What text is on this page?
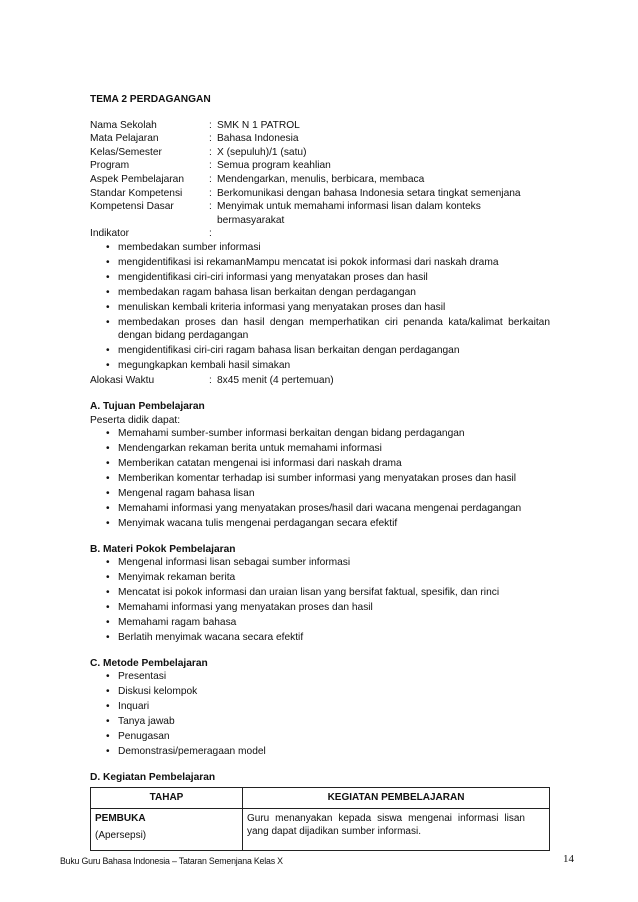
TEMA 2 PERDAGANGAN
Nama Sekolah	: SMK N 1 PATROL
Mata Pelajaran	: Bahasa Indonesia
Kelas/Semester	: X (sepuluh)/1 (satu)
Program	: Semua program keahlian
Aspek Pembelajaran	: Mendengarkan, menulis, berbicara, membaca
Standar Kompetensi	: Berkomunikasi dengan bahasa Indonesia setara tingkat semenjana
Kompetensi Dasar	: Menyimak untuk memahami informasi lisan dalam konteks bermasyarakat
Indikator	:
• membedakan sumber informasi
• mengidentifikasi isi rekamanMampu mencatat isi pokok informasi dari naskah drama
• mengidentifikasi ciri-ciri informasi yang menyatakan proses dan hasil
• membedakan ragam bahasa lisan berkaitan dengan perdagangan
• menuliskan kembali kriteria informasi yang menyatakan proses dan hasil
• membedakan proses dan hasil dengan memperhatikan ciri penanda kata/kalimat berkaitan dengan bidang perdagangan
• mengidentifikasi ciri-ciri ragam bahasa lisan berkaitan dengan perdagangan
• megungkapkan kembali hasil simakan
Alokasi Waktu	: 8x45 menit (4 pertemuan)
A. Tujuan Pembelajaran
Peserta didik dapat:
• Memahami sumber-sumber informasi berkaitan dengan bidang perdagangan
• Mendengarkan rekaman berita untuk memahami informasi
• Memberikan catatan mengenai isi informasi dari naskah drama
• Memberikan komentar terhadap isi sumber informasi yang menyatakan proses dan hasil
• Mengenal ragam bahasa lisan
• Memahami informasi yang menyatakan proses/hasil dari wacana mengenai perdagangan
• Menyimak wacana tulis mengenai perdagangan secara efektif
B. Materi Pokok Pembelajaran
• Mengenal informasi lisan sebagai sumber informasi
• Menyimak rekaman berita
• Mencatat isi pokok informasi dan uraian lisan yang bersifat faktual, spesifik, dan rinci
• Memahami informasi yang menyatakan proses dan hasil
• Memahami ragam bahasa
• Berlatih menyimak wacana secara efektif
C. Metode Pembelajaran
• Presentasi
• Diskusi kelompok
• Inquari
• Tanya jawab
• Penugasan
• Demonstrasi/pemeragaan model
D. Kegiatan Pembelajaran
TAHAP	KEGIATAN PEMBELAJARAN

PEMBUKA
(Apersepsi)	Guru menanyakan kepada siswa mengenai informasi lisan yang dapat dijadikan sumber informasi.
Buku Guru Bahasa Indonesia – Tataran Semenjana Kelas X	14
